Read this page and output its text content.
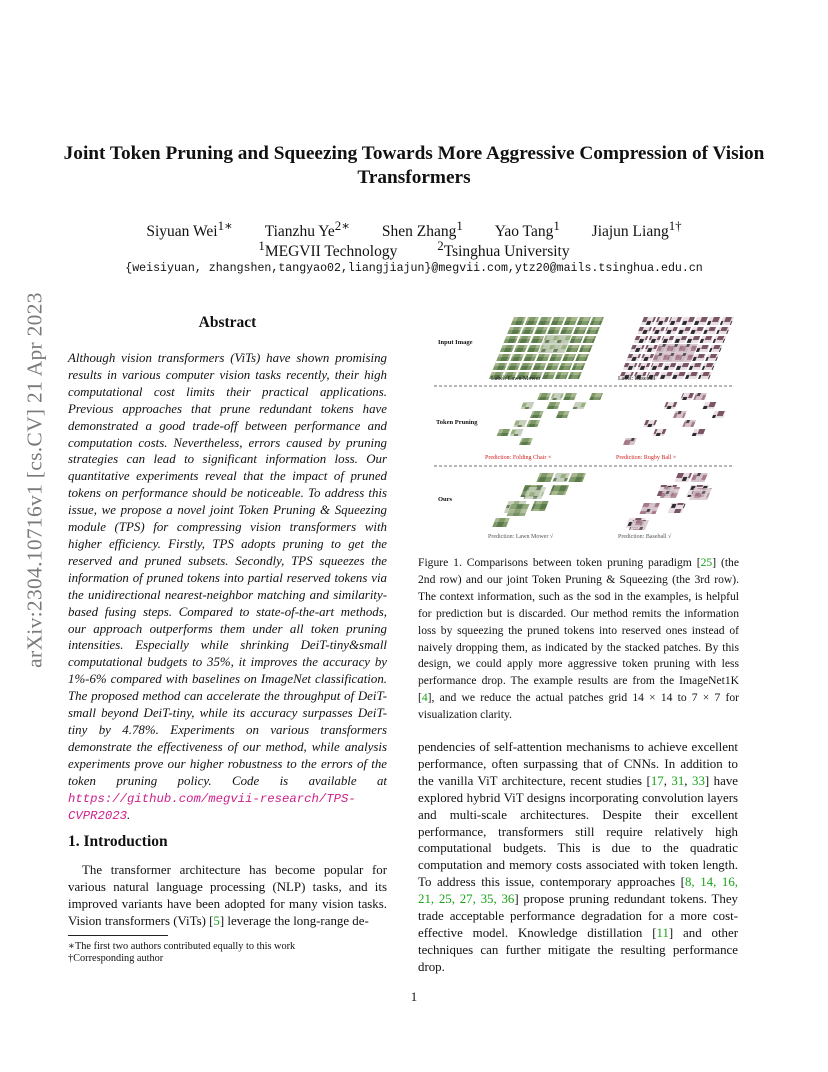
arXiv:2304.10716v1 [cs.CV] 21 Apr 2023
Joint Token Pruning and Squeezing Towards More Aggressive Compression of Vision Transformers
Siyuan Wei$^{1∗}$ Tianzhu $Ye^{2∗}$ Shen Zhang$^1$ Yao Tang$^1$ Jiajun Liang$^{1\dagger}$
$^1$MEGVII Technology	$^2$Tsinghua University
{weisiyuan, zhangshen,tangyao02,liangjiajun}@megvii.com,ytz20@mails.tsinghua.edu.cn
Abstract
Although vision transformers (ViTs) have shown promising results in various computer vision tasks recently, their high computational cost limits their practical applications. Previous approaches that prune redundant tokens have demonstrated a good trade-off between performance and computation costs. Nevertheless, errors caused by pruning strategies can lead to significant information loss. Our quantitative experiments reveal that the impact of pruned tokens on performance should be noticeable. To address this issue, we propose a novel joint Token Pruning & Squeezing module (TPS) for compressing vision transformers with higher efficiency. Firstly, TPS adopts pruning to get the reserved and pruned subsets. Secondly, TPS squeezes the information of pruned tokens into partial reserved tokens via the unidirectional nearest-neighbor matching and similarity-based fusing steps. Compared to state-of-the-art methods, our approach outperforms them under all token pruning intensities. Especially while shrinking DeiT-tiny&small computational budgets to 35%, it improves the accuracy by 1%-6% compared with baselines on ImageNet classification. The proposed method can accelerate the throughput of DeiT-small beyond DeiT-tiny, while its accuracy surpasses DeiT-tiny by 4.78%. Experiments on various transformers demonstrate the effectiveness of our method, while analysis experiments prove our higher robustness to the errors of the token pruning policy. Code is available at https://github.com/megvii-research/TPS-CVPR2023.
1. Introduction
The transformer architecture has become popular for various natural language processing (NLP) tasks, and its improved variants have been adopted for many vision tasks. Vision transformers (ViTs) [5] leverage the long-range de-
∗The first two authors contributed equally to this work
†Corresponding author
Input Image
Token Pruning
Ours
Label: Lawn Mower	Label: Baseball
Prediction: Folding Chair ×	Prediction: Rugby Ball ×
Prediction: Lawn Mower √	Prediction: Baseball √
Figure 1. Comparisons between token pruning paradigm [25] (the 2nd row) and our joint Token Pruning & Squeezing (the 3rd row). The context information, such as the sod in the examples, is helpful for prediction but is discarded. Our method remits the information loss by squeezing the pruned tokens into reserved ones instead of naively dropping them, as indicated by the stacked patches. By this design, we could apply more aggressive token pruning with less performance drop. The example results are from the ImageNet1K [4], and we reduce the actual patches grid 14 × 14 to 7 × 7 for visualization clarity.
pendencies of self-attention mechanisms to achieve excellent performance, often surpassing that of CNNs. In addition to the vanilla ViT architecture, recent studies [17, 31, 33] have explored hybrid ViT designs incorporating convolution layers and multi-scale architectures. Despite their excellent performance, transformers still require relatively high computational budgets. This is due to the quadratic computation and memory costs associated with token length. To address this issue, contemporary approaches [8, 14, 16, 21, 25, 27, 35, 36] propose pruning redundant tokens. They trade acceptable performance degradation for a more cost-effective model. Knowledge distillation [11] and other techniques can further mitigate the resulting performance drop.
1
